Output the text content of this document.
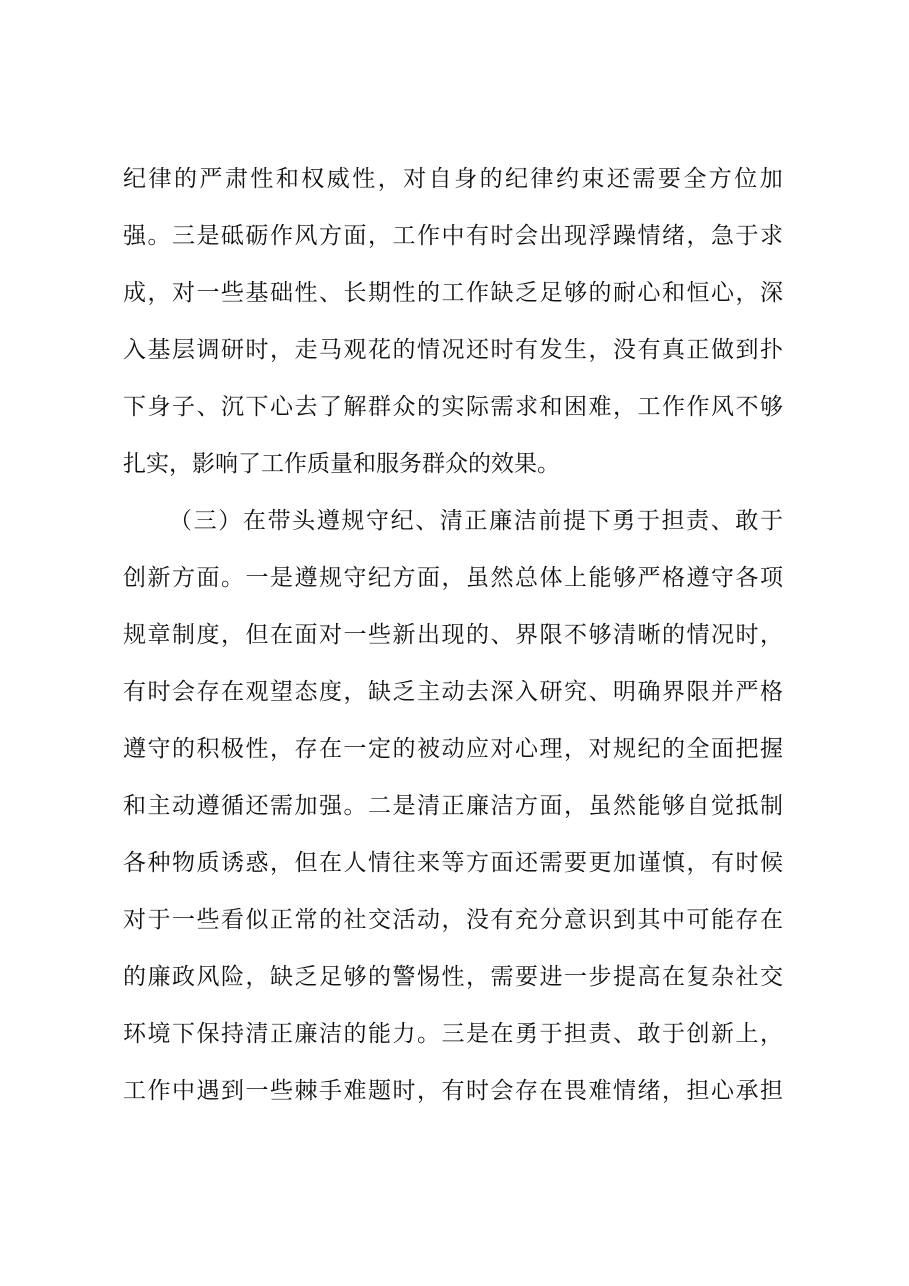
纪 律 的 严 肃 性 和 权 威 性 ， 对 自 身 的 纪 律 约 束 还 需 要 全 方 位 加
强 。 三 是 砥 砺 作 风 方 面 ， 工 作 中 有 时 会 出 现 浮 躁 情 绪 ， 急 于 求
成 ， 对 一 些 基 础 性 、 长 期 性 的 工 作 缺 乏 足 够 的 耐 心 和 恒 心 ， 深
入 基 层 调 研 时 ， 走 马 观 花 的 情 况 还 时 有 发 生 ， 没 有 真 正 做 到 扑
下 身 子 、 沉 下 心 去 了 解 群 众 的 实 际 需 求 和 困 难 ， 工 作 作 风 不 够
扎 实 ， 影 响 了 工 作 质 量 和 服 务 群 众 的 效 果 。
（ 三 ） 在 带 头 遵 规 守 纪 、 清 正 廉 洁 前 提 下 勇 于 担 责 、 敢 于
创 新 方 面 。 一 是 遵 规 守 纪 方 面 ， 虽 然 总 体 上 能 够 严 格 遵 守 各 项
规 章 制 度 ， 但 在 面 对 一 些 新 出 现 的 、 界 限 不 够 清 晰 的 情 况 时 ，
有 时 会 存 在 观 望 态 度 ， 缺 乏 主 动 去 深 入 研 究 、 明 确 界 限 并 严 格
遵 守 的 积 极 性 ， 存 在 一 定 的 被 动 应 对 心 理 ， 对 规 纪 的 全 面 把 握
和 主 动 遵 循 还 需 加 强 。 二 是 清 正 廉 洁 方 面 ， 虽 然 能 够 自 觉 抵 制
各 种 物 质 诱 惑 ， 但 在 人 情 往 来 等 方 面 还 需 要 更 加 谨 慎 ， 有 时 候
对 于 一 些 看 似 正 常 的 社 交 活 动 ， 没 有 充 分 意 识 到 其 中 可 能 存 在
的 廉 政 风 险 ， 缺 乏 足 够 的 警 惕 性 ， 需 要 进 一 步 提 高 在 复 杂 社 交
环 境 下 保 持 清 正 廉 洁 的 能 力 。 三 是 在 勇 于 担 责 、 敢 于 创 新 上 ，
工 作 中 遇 到 一 些 棘 手 难 题 时 ， 有 时 会 存 在 畏 难 情 绪 ， 担 心 承 担
